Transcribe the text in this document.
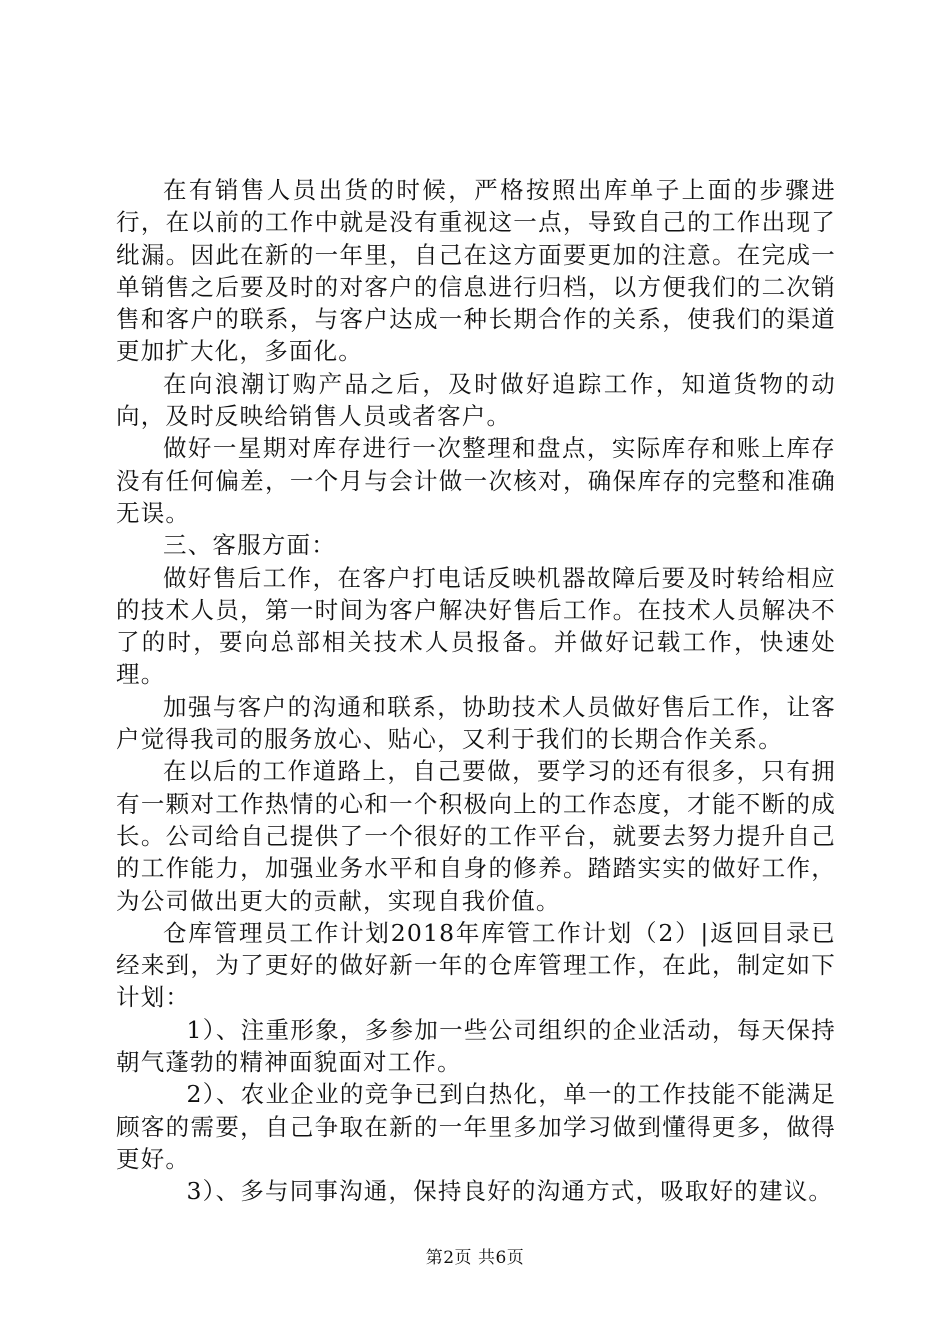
在有销售人员出货的时候，严格按照出库单子上面的步骤进行，在以前的工作中就是没有重视这一点，导致自己的工作出现了纰漏。因此在新的一年里，自己在这方面要更加的注意。在完成一单销售之后要及时的对客户的信息进行归档，以方便我们的二次销售和客户的联系，与客户达成一种长期合作的关系，使我们的渠道更加扩大化，多面化。

在向浪潮订购产品之后，及时做好追踪工作，知道货物的动向，及时反映给销售人员或者客户。

做好一星期对库存进行一次整理和盘点，实际库存和账上库存没有任何偏差，一个月与会计做一次核对，确保库存的完整和准确无误。

三、客服方面：

做好售后工作，在客户打电话反映机器故障后要及时转给相应的技术人员，第一时间为客户解决好售后工作。在技术人员解决不了的时，要向总部相关技术人员报备。并做好记载工作，快速处理。

加强与客户的沟通和联系，协助技术人员做好售后工作，让客户觉得我司的服务放心、贴心，又利于我们的长期合作关系。

在以后的工作道路上，自己要做，要学习的还有很多，只有拥有一颗对工作热情的心和一个积极向上的工作态度，才能不断的成长。公司给自己提供了一个很好的工作平台，就要去努力提升自己的工作能力，加强业务水平和自身的修养。踏踏实实的做好工作，为公司做出更大的贡献，实现自我价值。

仓库管理员工作计划2018年库管工作计划（2）|返回目录已经来到，为了更好的做好新一年的仓库管理工作，在此，制定如下计划：

1）、注重形象，多参加一些公司组织的企业活动，每天保持朝气蓬勃的精神面貌面对工作。

2）、农业企业的竞争已到白热化，单一的工作技能不能满足顾客的需要，自己争取在新的一年里多加学习做到懂得更多，做得更好。

3）、多与同事沟通，保持良好的沟通方式，吸取好的建议。

第2页 共6页
